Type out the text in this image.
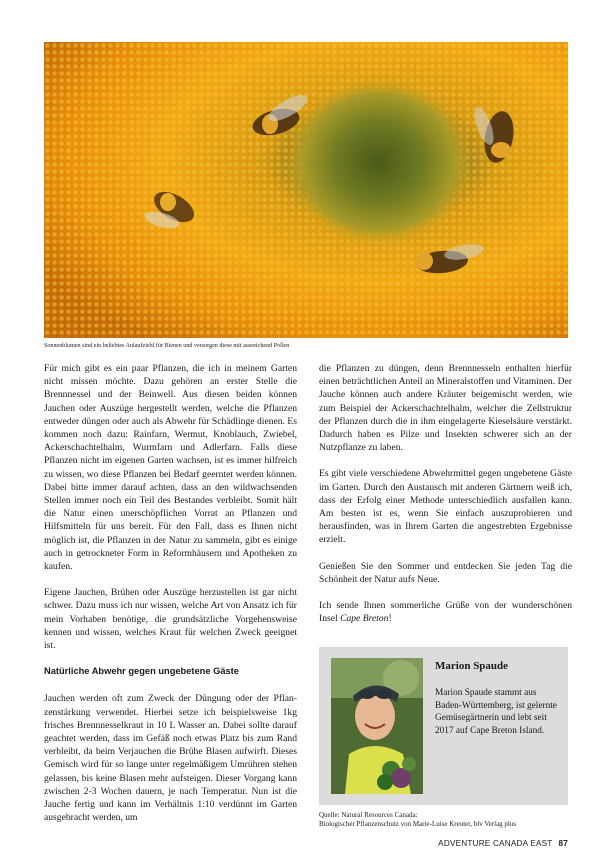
Sonnenblumen sind ein beliebtes Anlaufziehl für Bienen und versorgen diese mit ausreichend Pollen

Für mich gibt es ein paar Pflanzen, die ich in meinem Garten nicht missen möchte. Dazu gehören an erster Stelle die Brennnessel und der Beinwell. Aus diesen beiden können Jauchen oder Auszüge hergestellt werden, welche die Pflanzen entweder düngen oder auch als Abwehr für Schädlinge dienen. Es kommen noch dazu: Rainfarn, Wermut, Knoblauch, Zwiebel, Ackerschachtelhalm, Wurmfarn und Adlerfarn. Falls diese Pflanzen nicht im eigenen Garten wachsen, ist es immer hilfreich zu wissen, wo diese Pflanzen bei Bedarf geerntet werden können. Dabei bitte immer darauf achten, dass an den wildwachsenden Stellen immer noch ein Teil des Bestandes verbleibt. Somit hält die Natur einen unerschöpflichen Vorrat an Pflanzen und Hilfsmitteln für uns bereit. Für den Fall, dass es Ihnen nicht möglich ist, die Pflanzen in der Natur zu sammeln, gibt es einige auch in getrockneter Form in Reformhäusern und Apotheken zu kaufen.

Eigene Jauchen, Brühen oder Auszüge herzustellen ist gar nicht schwer. Dazu muss ich nur wissen, welche Art von Ansatz ich für mein Vorhaben benötige, die grundsätzliche Vorgehensweise kennen und wissen, welches Kraut für welchen Zweck geeignet ist.

Natürliche Abwehr gegen ungebetene Gäste

Jauchen werden oft zum Zweck der Düngung oder der Pflanzenstärkung verwendet. Hierbei setze ich beispielsweise 1kg frisches Brennnesselkraut in 10 L Wasser an. Dabei sollte darauf geachtet werden, dass im Gefäß noch etwas Platz bis zum Rand verbleibt, da beim Verjauchen die Brühe Blasen aufwirft. Dieses Gemisch wird für so lange unter regelmäßigem Umrühren stehen gelassen, bis keine Blasen mehr aufsteigen. Dieser Vorgang kann zwischen 2-3 Wochen dauern, je nach Temperatur. Nun ist die Jauche fertig und kann im Verhältnis 1:10 verdünnt im Garten ausgebracht werden, um

die Pflanzen zu düngen, denn Brennnesseln enthalten hierfür einen beträchtlichen Anteil an Mineralstoffen und Vitaminen. Der Jauche können auch andere Kräuter beigemischt werden, wie zum Beispiel der Ackerschachtelhalm, welcher die Zellstruktur der Pflanzen durch die in ihm eingelagerte Kieselsäure verstärkt. Dadurch haben es Pilze und Insekten schwerer sich an der Nutzpflanze zu laben.

Es gibt viele verschiedene Abwehrmittel gegen ungebetene Gäste im Garten. Durch den Austausch mit anderen Gärtnern weiß ich, dass der Erfolg einer Methode unterschiedlich ausfallen kann. Am besten ist es, wenn Sie einfach auszuprobieren und herausfinden, was in Ihrem Garten die angestrebten Ergebnisse erzielt.

Genießen Sie den Sommer und entdecken Sie jeden Tag die Schönheit der Natur aufs Neue.

Ich sende Ihnen sommerliche Grüße von der wunderschönen Insel Cape Breton!

Marion Spaude
Marion Spaude stammt aus Baden-Württemberg, ist gelernte Gemüsegärtnerin und lebt seit 2017 auf Cape Breton Island.
Quelle: Natural Resources Canada:
Biologischer Pflanzenschutz von Marie-Luise Kreuter, blv Verlag plus
ADVENTURE CANADA EAST 87
